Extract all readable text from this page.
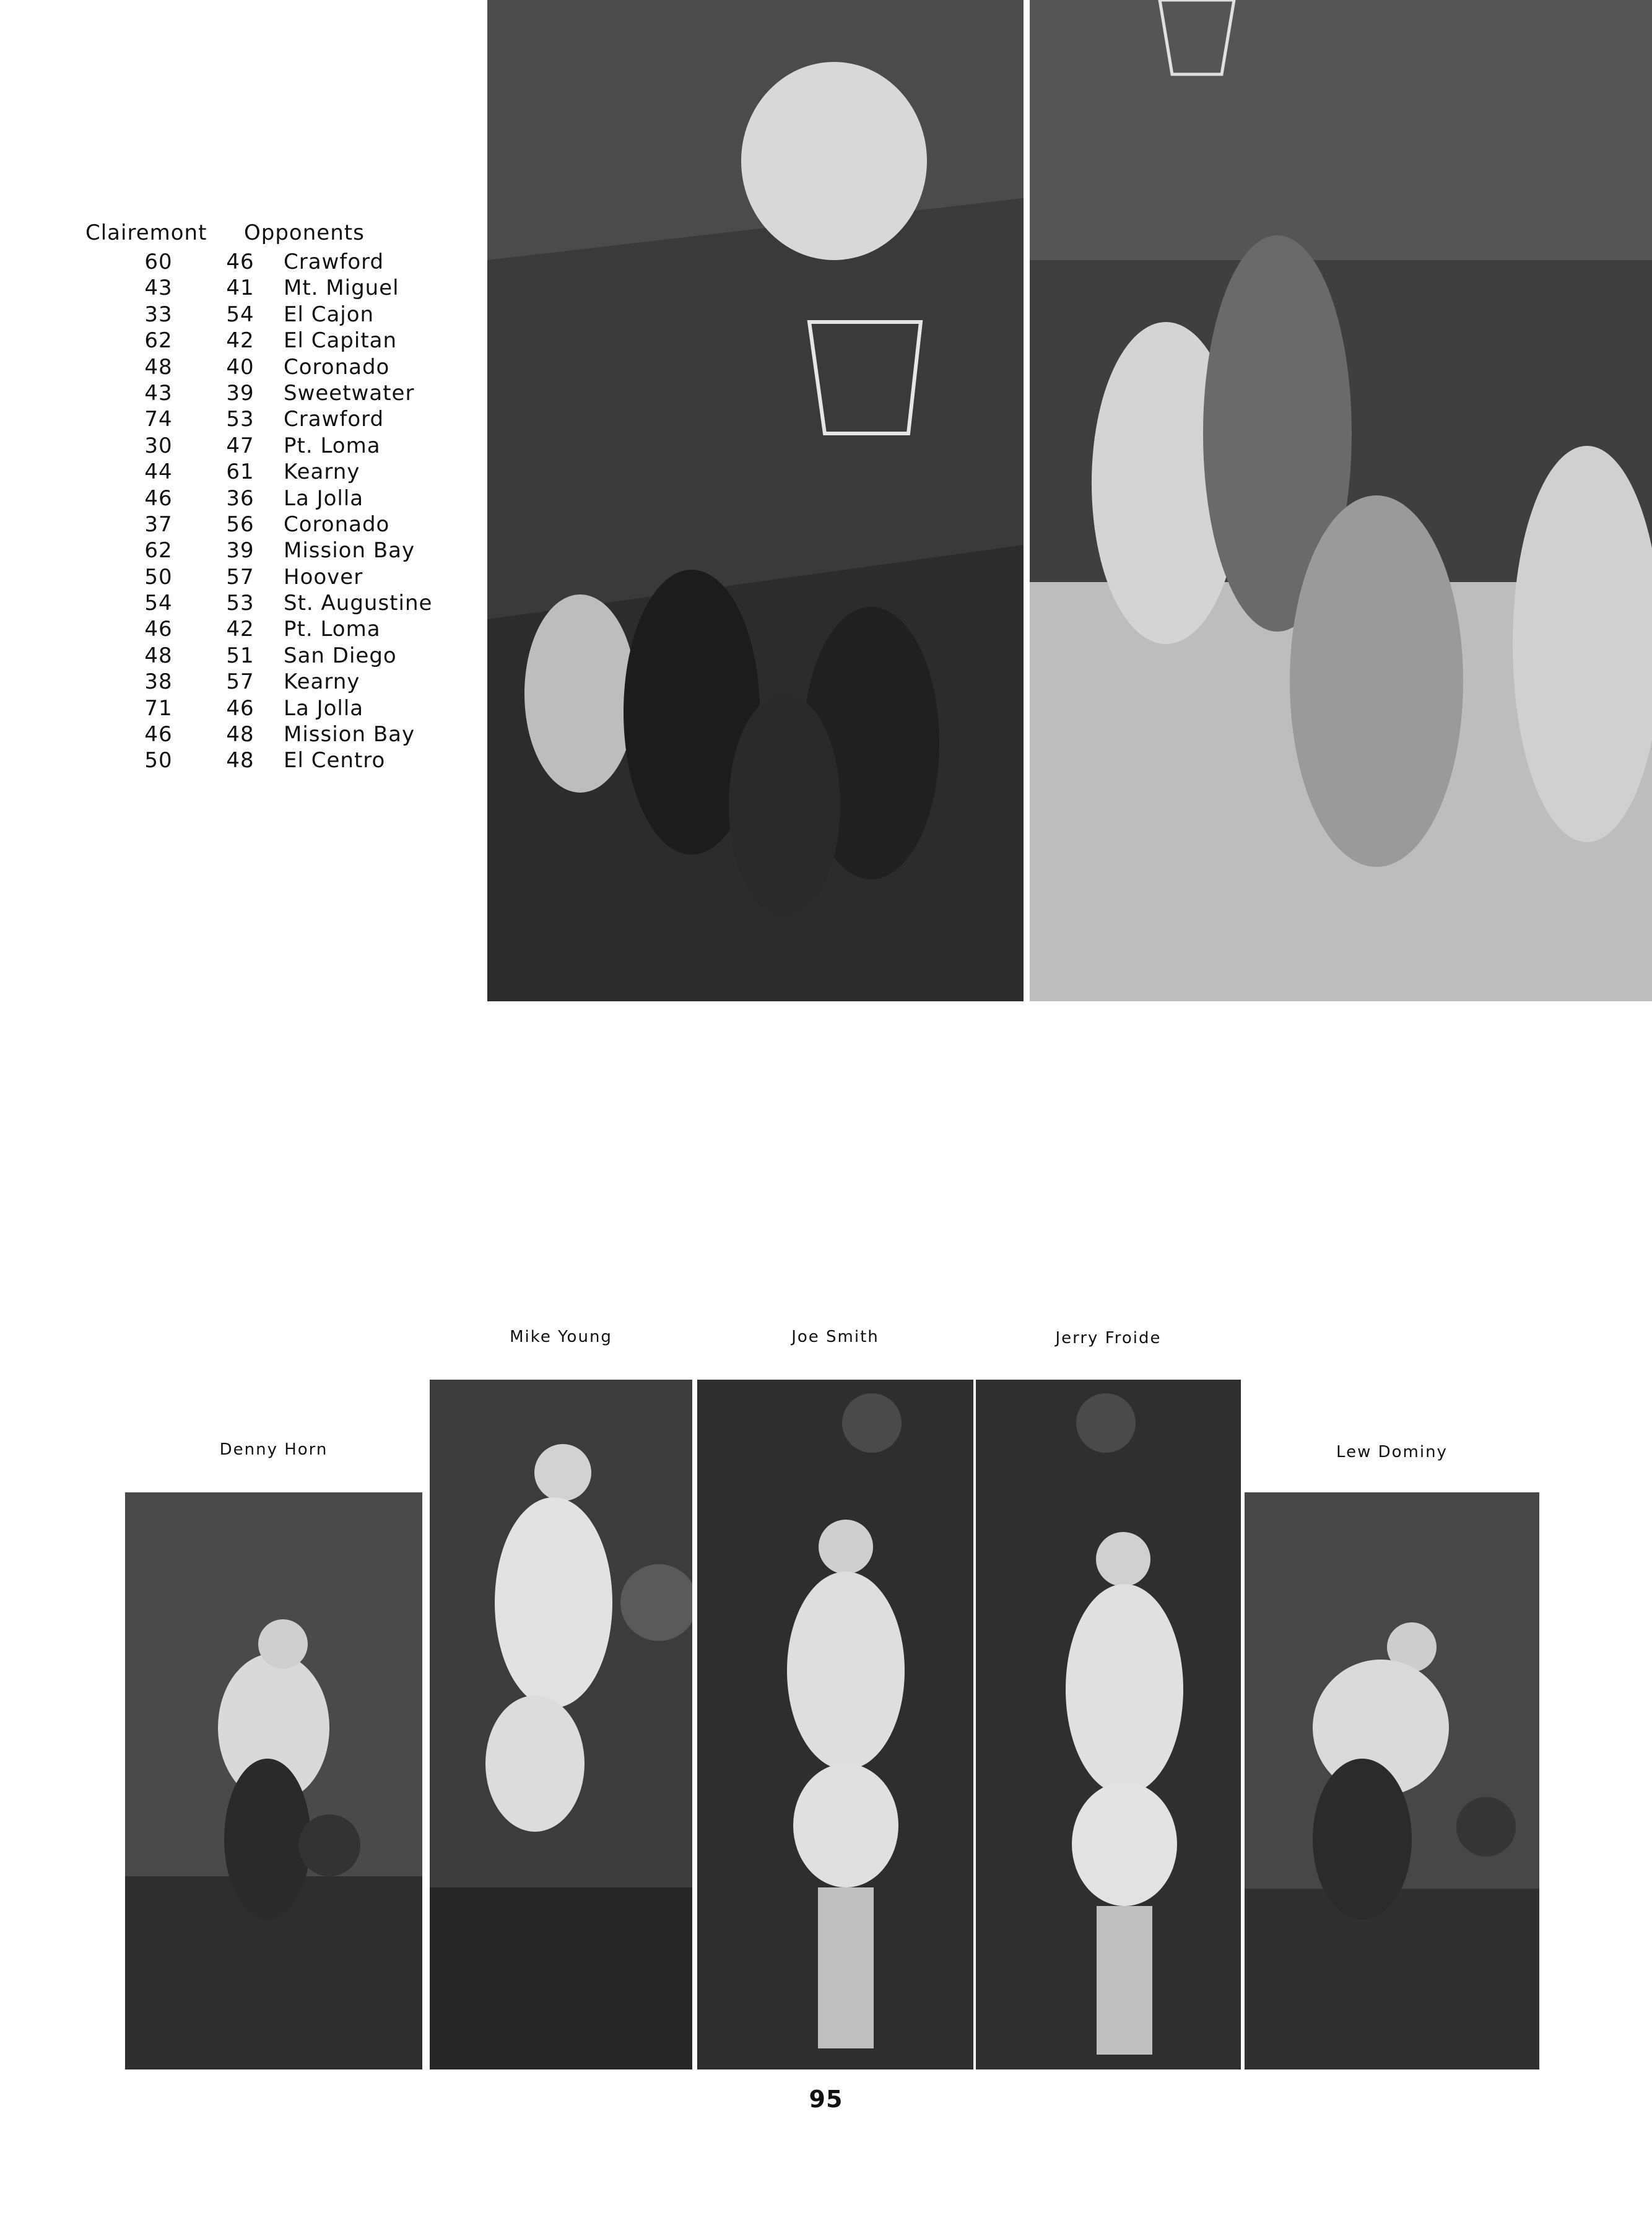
Clairemont Opponents
60	46 Crawford
43	41 Mt. Miguel
33	54 El Cajon
62	42 El Capitan
48	40 Coronado
43	39 Sweetwater
74	53 Crawford
30	47 Pt. Loma
44	61 Kearny
46	36 La Jolla
37	56 Coronado
62	39 Mission Bay
50	57 Hoover
54	53 St. Augustine
46	42 Pt. Loma
48	51 San Diego
38	57 Kearny
71	46 La Jolla
46	48 Mission Bay
50	48 El Centro
Mike Young	Joe Smith	Jerry Froide
Denny Horn	Lew Dominy
95
